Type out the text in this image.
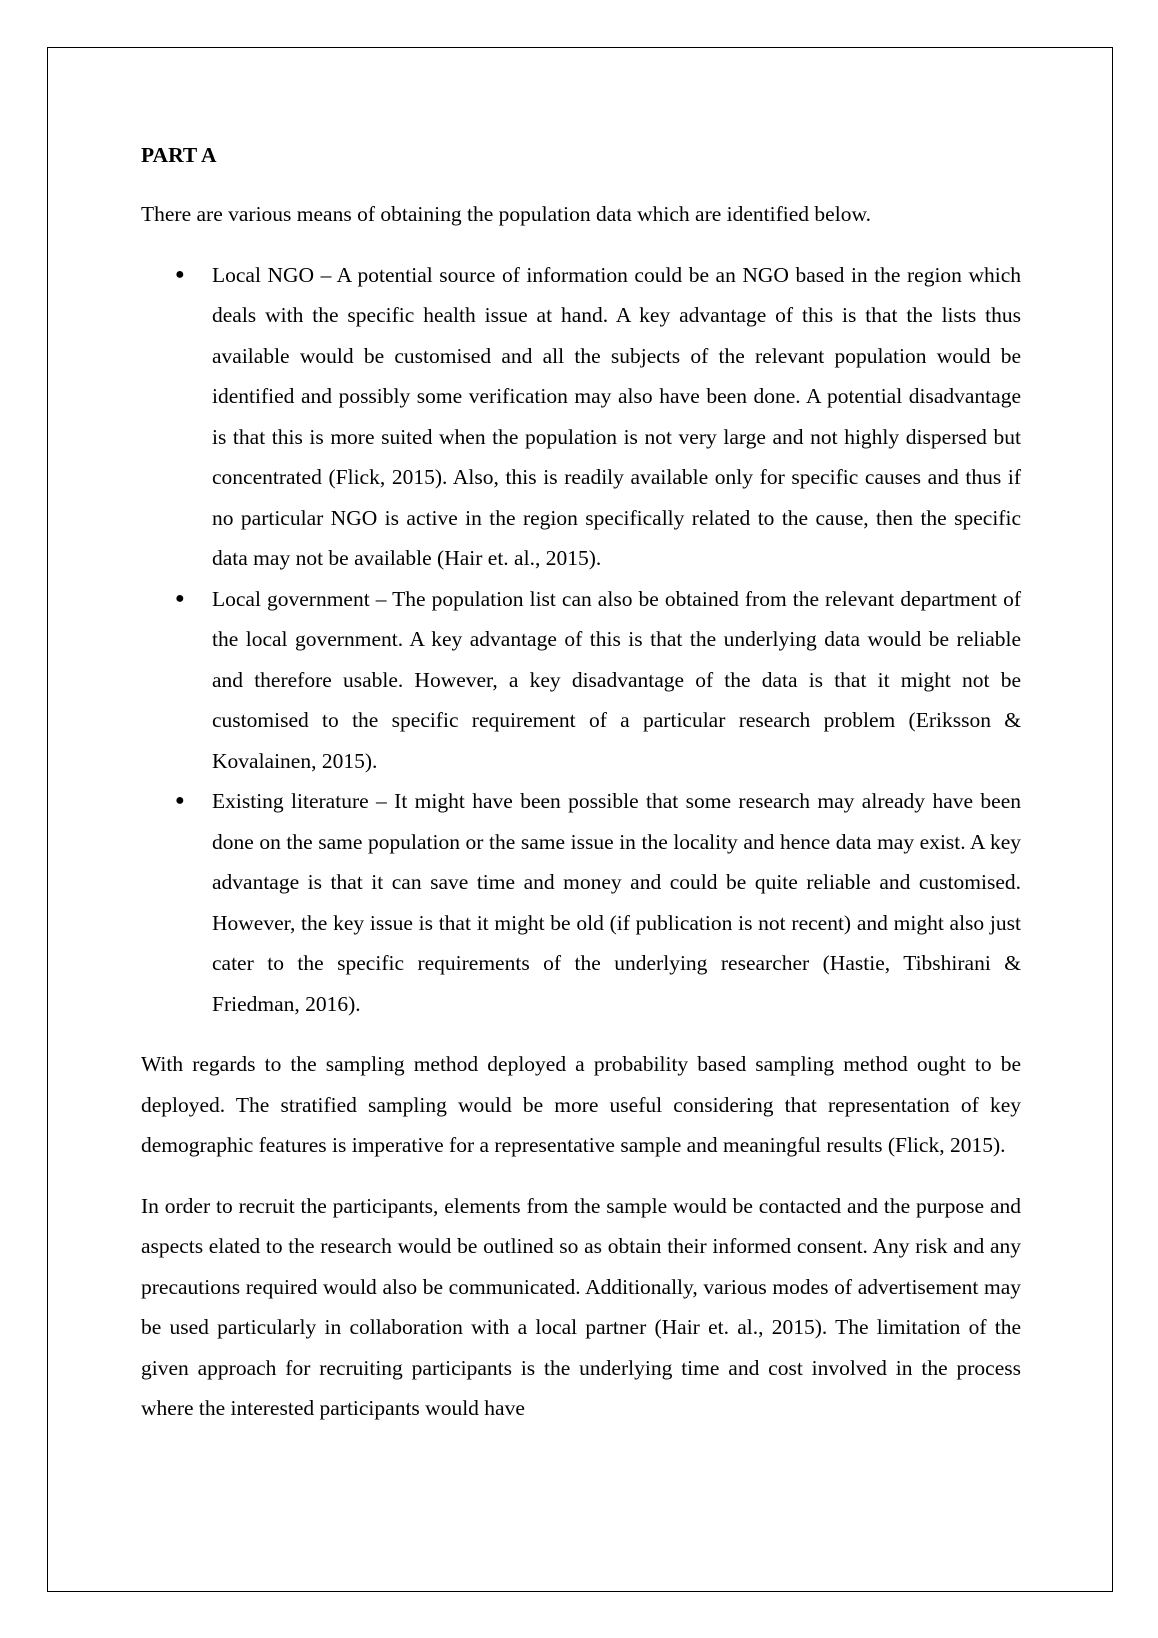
PART A
There are various means of obtaining the population data which are identified below.
● Local NGO – A potential source of information could be an NGO based in the region which deals with the specific health issue at hand. A key advantage of this is that the lists thus available would be customised and all the subjects of the relevant population would be identified and possibly some verification may also have been done. A potential disadvantage is that this is more suited when the population is not very large and not highly dispersed but concentrated (Flick, 2015). Also, this is readily available only for specific causes and thus if no particular NGO is active in the region specifically related to the cause, then the specific data may not be available (Hair et. al., 2015).
● Local government – The population list can also be obtained from the relevant department of the local government. A key advantage of this is that the underlying data would be reliable and therefore usable. However, a key disadvantage of the data is that it might not be customised to the specific requirement of a particular research problem (Eriksson & Kovalainen, 2015).
● Existing literature – It might have been possible that some research may already have been done on the same population or the same issue in the locality and hence data may exist. A key advantage is that it can save time and money and could be quite reliable and customised. However, the key issue is that it might be old (if publication is not recent) and might also just cater to the specific requirements of the underlying researcher (Hastie, Tibshirani & Friedman, 2016).
With regards to the sampling method deployed a probability based sampling method ought to be deployed. The stratified sampling would be more useful considering that representation of key demographic features is imperative for a representative sample and meaningful results (Flick, 2015).
In order to recruit the participants, elements from the sample would be contacted and the purpose and aspects elated to the research would be outlined so as obtain their informed consent. Any risk and any precautions required would also be communicated. Additionally, various modes of advertisement may be used particularly in collaboration with a local partner (Hair et. al., 2015). The limitation of the given approach for recruiting participants is the underlying time and cost involved in the process where the interested participants would have
